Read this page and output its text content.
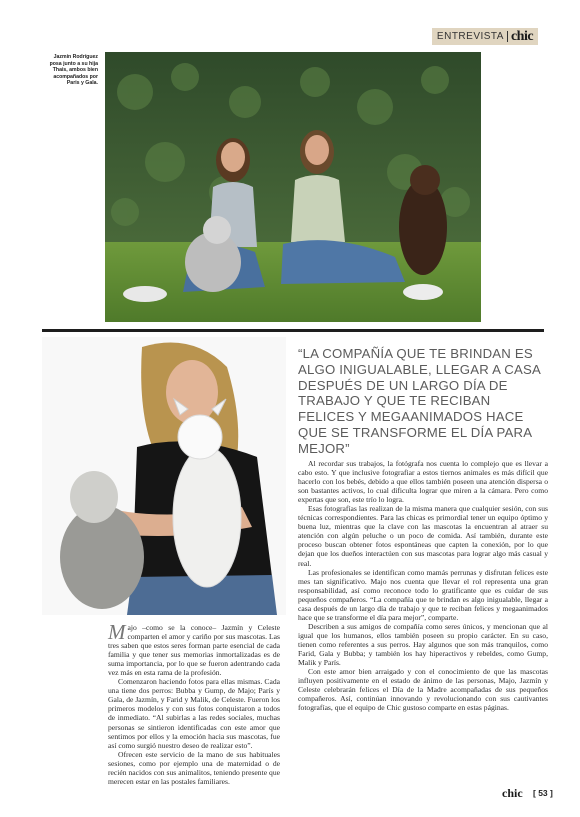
ENTREVISTA chic
Jazmín Rodríguez posa junto a su hija Thais, ambos bien acompañados por Paris y Gala.
“LA COMPAÑÍA QUE TE BRINDAN ES ALGO INIGUALABLE, LLEGAR A CASA DESPUÉS DE UN LARGO DÍA DE TRABAJO Y QUE TE RECIBAN FELICES Y MEGAANIMADOS HACE QUE SE TRANSFORME EL DÍA PARA MEJOR”

Majo –como se la conoce– Jazmín y Celeste comparten el amor y cariño por sus mascotas. Las tres saben que estos seres forman parte esencial de cada familia y que tener sus memorias inmortalizadas es de suma importancia, por lo que se fueron adentrando cada vez más en esta rama de la profesión.

Comenzaron haciendo fotos para ellas mismas. Cada una tiene dos perros: Bubba y Gump, de Majo; París y Gala, de Jazmín, y Farid y Malik, de Celeste. Fueron los primeros modelos y con sus fotos conquistaron a todos de inmediato. “Al subirlas a las redes sociales, muchas personas se sintieron identificadas con este amor que sentimos por ellos y la emoción hacia sus mascotas, fue así como surgió nuestro deseo de realizar esto”.

Ofrecen este servicio de la mano de sus habituales sesiones, como por ejemplo una de maternidad o de recién nacidos con sus animalitos, teniendo presente que merecen estar en las postales familiares.

Al recordar sus trabajos, la fotógrafa nos cuenta lo complejo que es llevar a cabo esto. Y que inclusive fotografiar a estos tiernos animales es más difícil que hacerlo con los bebés, debido a que ellos también poseen una atención dispersa o son bastantes activos, lo cual dificulta lograr que miren a la cámara. Pero como expertas que son, este trío lo logra.

Esas fotografías las realizan de la misma manera que cualquier sesión, con sus técnicas correspondientes. Para las chicas es primordial tener un equipo óptimo y buena luz, mientras que la clave con las mascotas la encuentran al atraer su atención con algún peluche o un poco de comida. Así también, durante este proceso buscan obtener fotos espontáneas que capten la conexión, por lo que dejan que los dueños interactúen con sus mascotas para lograr algo más casual y real.

Las profesionales se identifican como mamás perrunas y disfrutan felices este mes tan significativo. Majo nos cuenta que llevar el rol representa una gran responsabilidad, así como reconoce todo lo gratificante que es cuidar de sus pequeños compañeros. “La compañía que te brindan es algo inigualable, llegar a casa después de un largo día de trabajo y que te reciban felices y megaanimados hace que se transforme el día para mejor”, comparte.

Describen a sus amigos de compañía como seres únicos, y mencionan que al igual que los humanos, ellos también poseen su propio carácter. En su caso, tienen como referentes a sus perros. Hay algunos que son más tranquilos, como Farid, Gala y Bubba; y también los hay hiperactivos y rebeldes, como Gump, Malik y París.

Con este amor bien arraigado y con el conocimiento de que las mascotas influyen positivamente en el estado de ánimo de las personas, Majo, Jazmín y Celeste celebrarán felices el Día de la Madre acompañadas de sus pequeños compañeros. Así, continúan innovando y revolucionando con sus cautivantes fotografías, que el equipo de Chic gustoso comparte en estas páginas.

chic [ 53 ]
